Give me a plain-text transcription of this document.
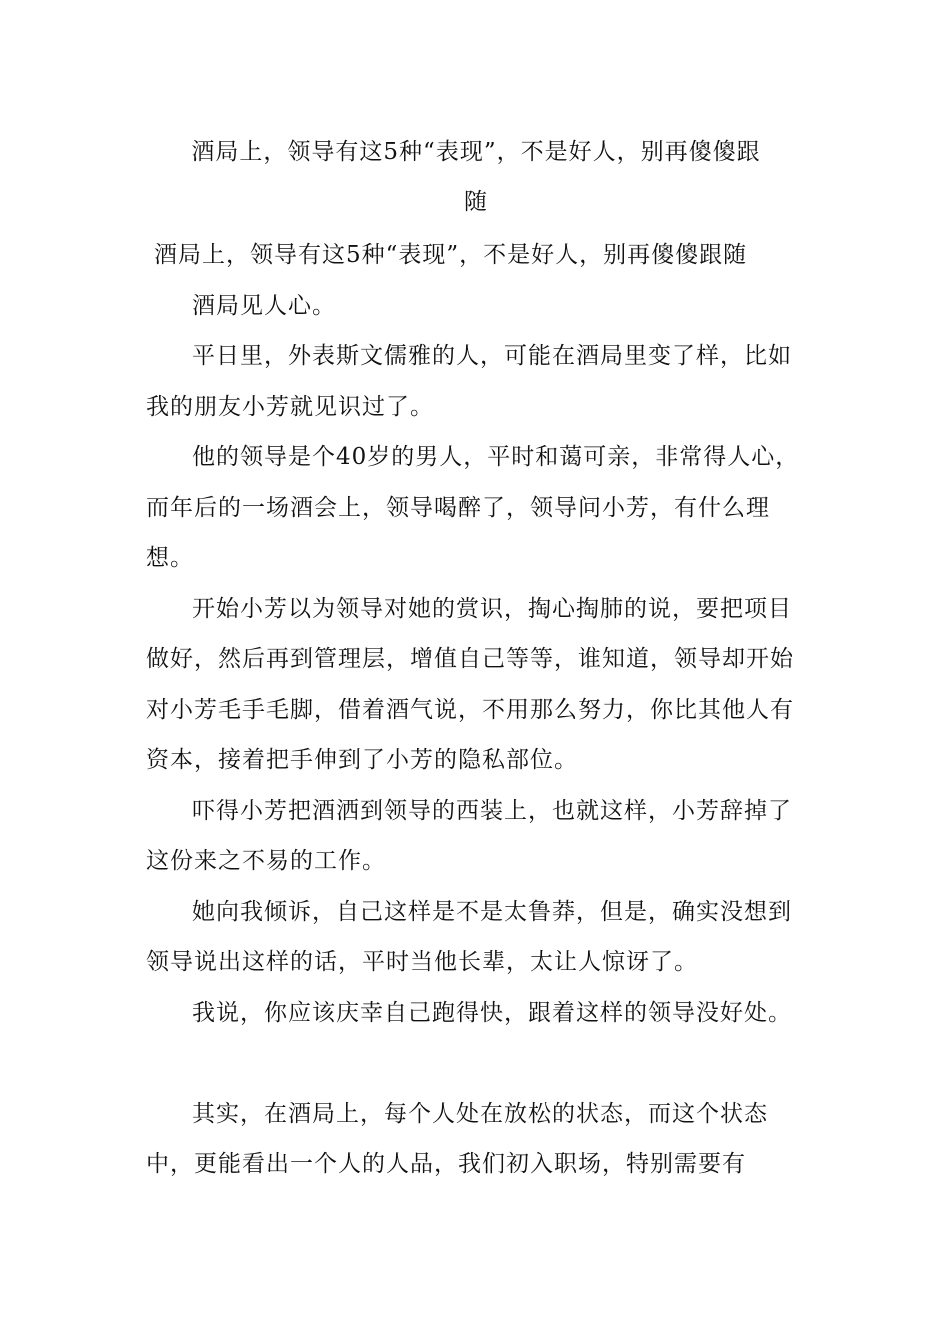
酒局上，领导有这5种“表现”，不是好人，别再傻傻跟
随

酒局上，领导有这5种“表现”，不是好人，别再傻傻跟随

酒局见人心。

平日里，外表斯文儒雅的人，可能在酒局里变了样，比如我的朋友小芳就见识过了。

他的领导是个40岁的男人，平时和蔼可亲，非常得人心，而年后的一场酒会上，领导喝醉了，领导问小芳，有什么理想。

开始小芳以为领导对她的赏识，掏心掏肺的说，要把项目做好，然后再到管理层，增值自己等等，谁知道，领导却开始对小芳毛手毛脚，借着酒气说，不用那么努力，你比其他人有资本，接着把手伸到了小芳的隐私部位。

吓得小芳把酒洒到领导的西装上，也就这样，小芳辞掉了这份来之不易的工作。

她向我倾诉，自己这样是不是太鲁莽，但是，确实没想到领导说出这样的话，平时当他长辈，太让人惊讶了。

我说，你应该庆幸自己跑得快，跟着这样的领导没好处。

其实，在酒局上，每个人处在放松的状态，而这个状态中，更能看出一个人的人品，我们初入职场，特别需要有
